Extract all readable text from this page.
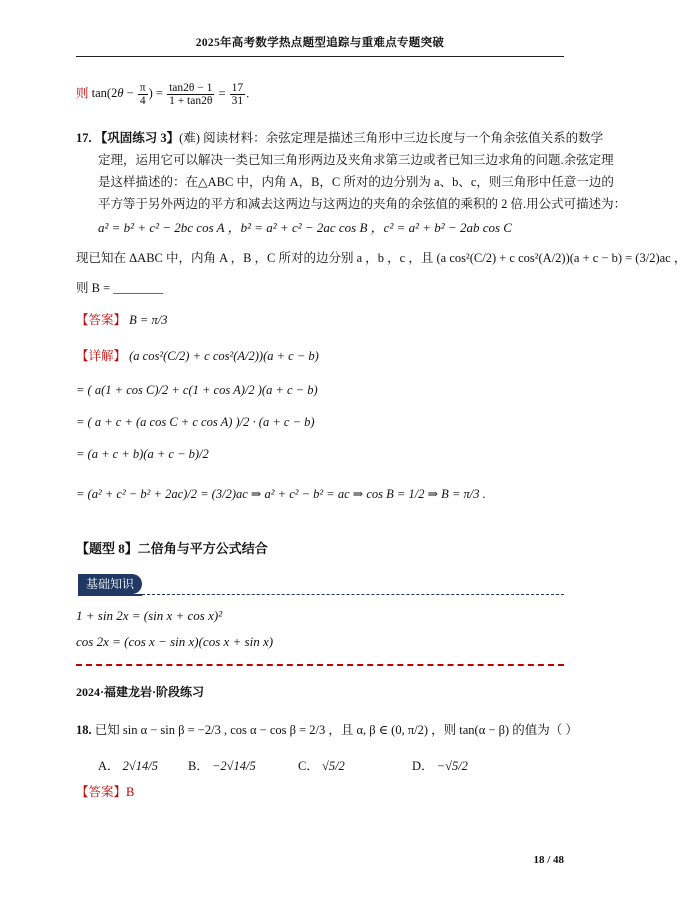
2025年高考数学热点题型追踪与重难点专题突破
则 $\tan(2\theta - \frac{\pi}{4}$ ) = $\frac{\tan 2\theta - 1}{1 + \tan 2\theta} = \frac{17}{31}$ .
17. 【巩固练习 3】(难) 阅读材料：余弦定理是描述三角形中三边长度与一个角余弦值关系的数学
定理，运用它可以解决一类已知三角形两边及夹角求第三边或者已知三边求角的问题.余弦定理
是这样描述的：在△ABC 中，内角 A，B，C 所对的边分别为 a、b、c，则三角形中任意一边的
平方等于另外两边的平方和减去这两边与这两边的夹角的余弦值的乘积的 2 倍.用公式可描述为：
a² = b² + c² − 2bc cos A ，b² = a² + c² − 2ac cos B ，c² = a² + b² − 2ab cos C
现已知在 ΔABC 中，内角 A ，B ，C 所对的边分别 a ，b ，c ，且 (a cos²(C/2) + c cos²(A/2))(a + c − b) = (3/2)ac ，
则 B = ________
【答案】 B = π/3
【详解】 (a cos²(C/2) + c cos²(A/2))(a + c − b)
= ( a(1 + cos C)/2 + c(1 + cos A)/2 )(a + c − b)
= ( a + c + (a cos C + c cos A) )/2 · (a + c − b)
= (a + c + b)(a + c − b)/2
= (a² + c² − b² + 2ac)/2 = (3/2)ac ⇒ a² + c² − b² = ac ⇒ cos B = 1/2 ⇒ B = π/3 .
【题型 8】二倍角与平方公式结合
基础知识
1 + sin 2x = (sin x + cos x)²
cos 2x = (cos x − sin x)(cos x + sin x)
2024·福建龙岩·阶段练习
18. 已知 sin α − sin β = −2/3 , cos α − cos β = 2/3 ，且 α, β ∈ (0, π/2) ，则 tan(α − β) 的值为（ ）
A． 2√14/5 B． −2√14/5	C． √5/2	D． −√5/2
【答案】B
18 / 48
